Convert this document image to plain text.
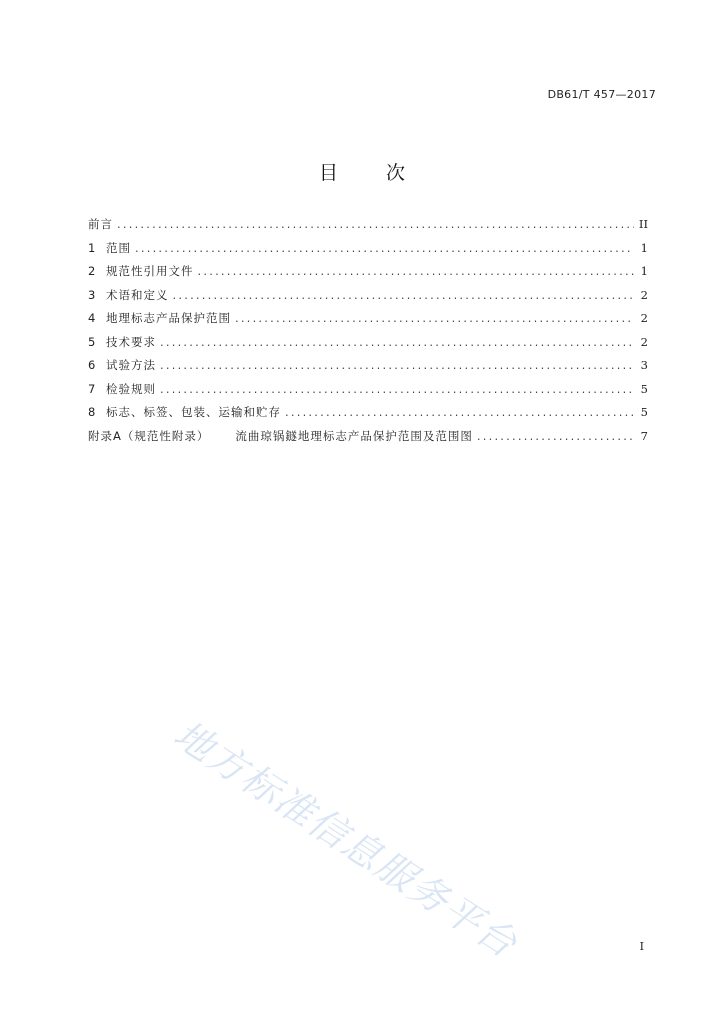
DB61/T 457—2017
目	次
前言 .....	II
1 范围 .....	1
2 规范性引用文件 .....	1
3 术语和定义 .....	2
4 地理标志产品保护范围 .....	2
5 技术要求 .....	2
6 试验方法 .....	3
7 检验规则 .....	5
8 标志、标签、包装、运输和贮存 .....	5
附录A（规范性附录） 流曲琼锅鐩地理标志产品保护范围及范围图 .....	7
地方标准信息服务平台	I
